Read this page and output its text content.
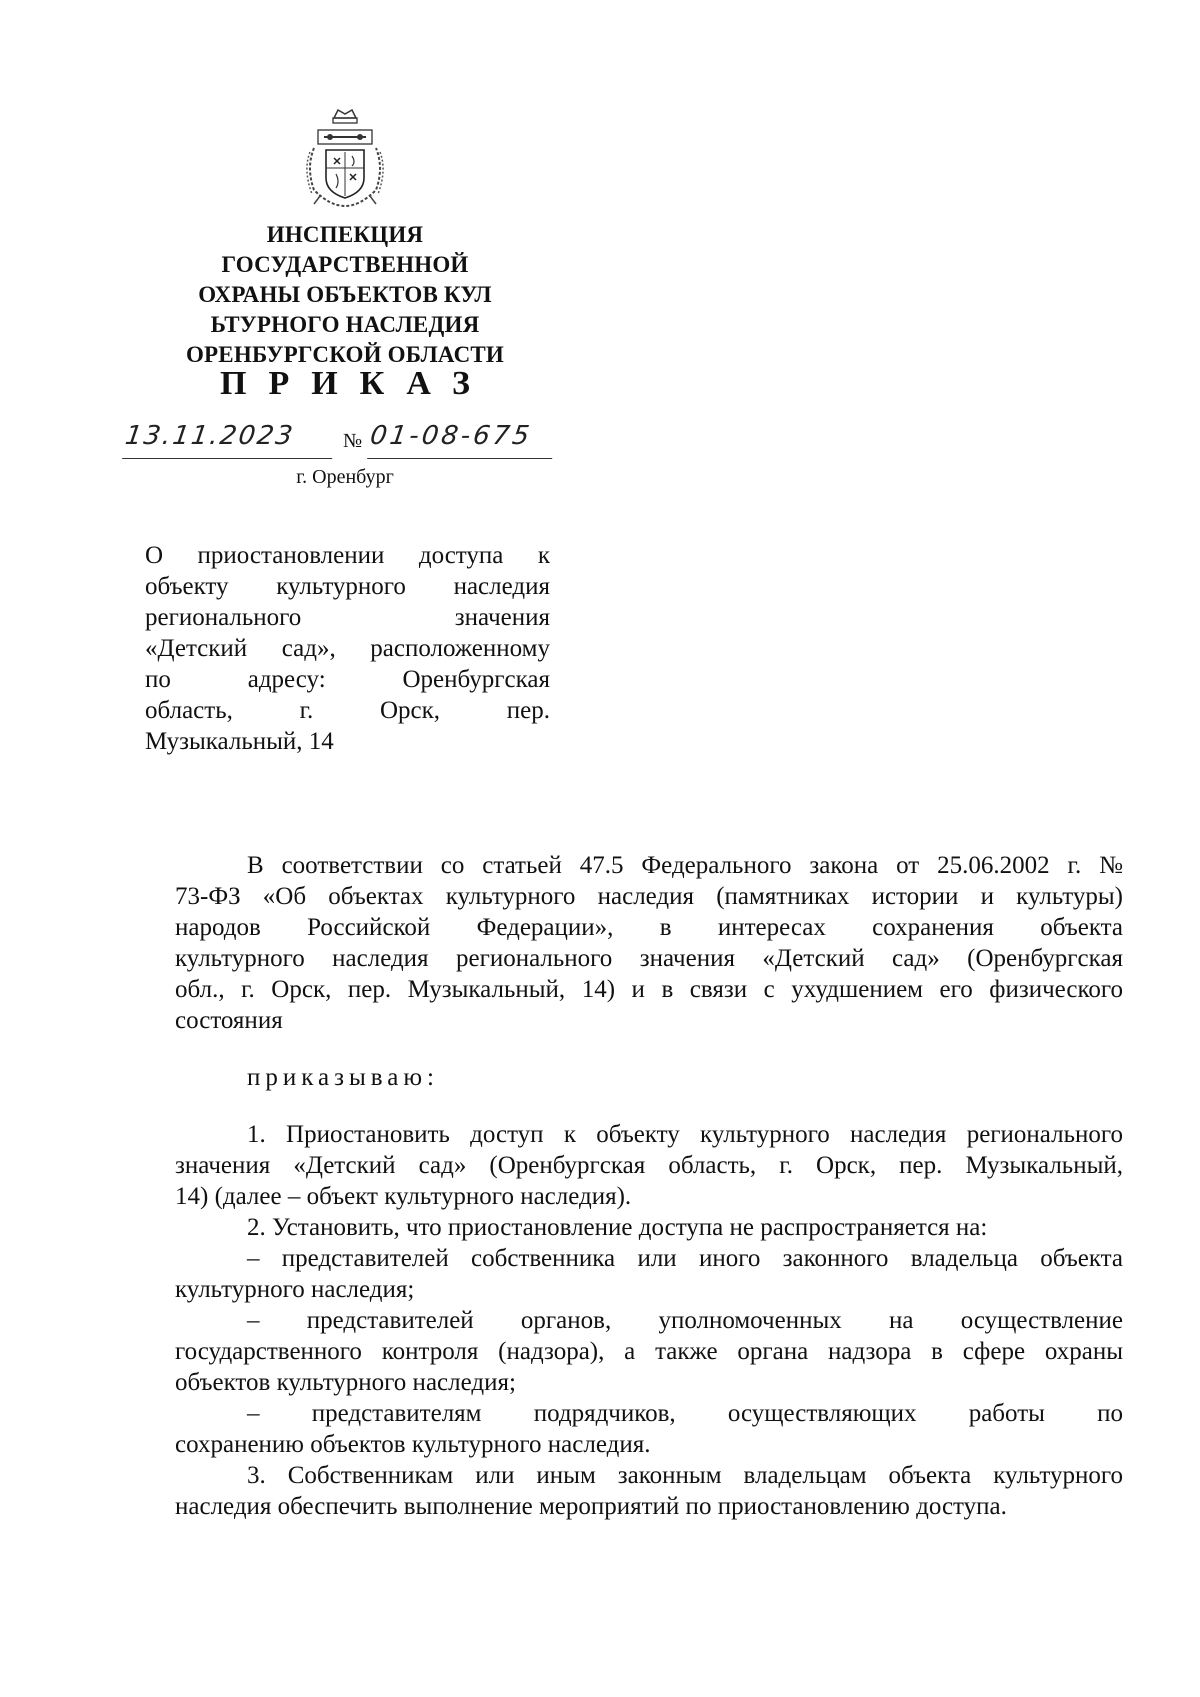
ИНСПЕКЦИЯ
ГОСУДАРСТВЕННОЙ
ОХРАНЫ ОБЪЕКТОВ КУЛ
ЬТУРНОГО НАСЛЕДИЯ
ОРЕНБУРГСКОЙ ОБЛАСТИ
ПРИКАЗ
13.11.2023	№ 01-08-675
г. Оренбург
О приостановлении доступа к
объекту культурного наследия
регионального значения
«Детский сад», расположенному
по адресу: Оренбургская
область, г. Орск, пер.
Музыкальный, 14
В соответствии со статьей 47.5 Федерального закона от 25.06.2002 г. №
73-ФЗ «Об объектах культурного наследия (памятниках истории и культуры)
народов Российской Федерации», в интересах сохранения объекта
культурного наследия регионального значения «Детский сад» (Оренбургская
обл., г. Орск, пер. Музыкальный, 14) и в связи с ухудшением его физического
состояния
приказываю:
1. Приостановить доступ к объекту культурного наследия регионального
значения «Детский сад» (Оренбургская область, г. Орск, пер. Музыкальный,
14) (далее – объект культурного наследия).
2. Установить, что приостановление доступа не распространяется на:
– представителей собственника или иного законного владельца объекта
культурного наследия;
– представителей органов, уполномоченных на осуществление
государственного контроля (надзора), а также органа надзора в сфере охраны
объектов культурного наследия;
– представителям подрядчиков, осуществляющих работы по
сохранению объектов культурного наследия.
3. Собственникам или иным законным владельцам объекта культурного
наследия обеспечить выполнение мероприятий по приостановлению доступа.
